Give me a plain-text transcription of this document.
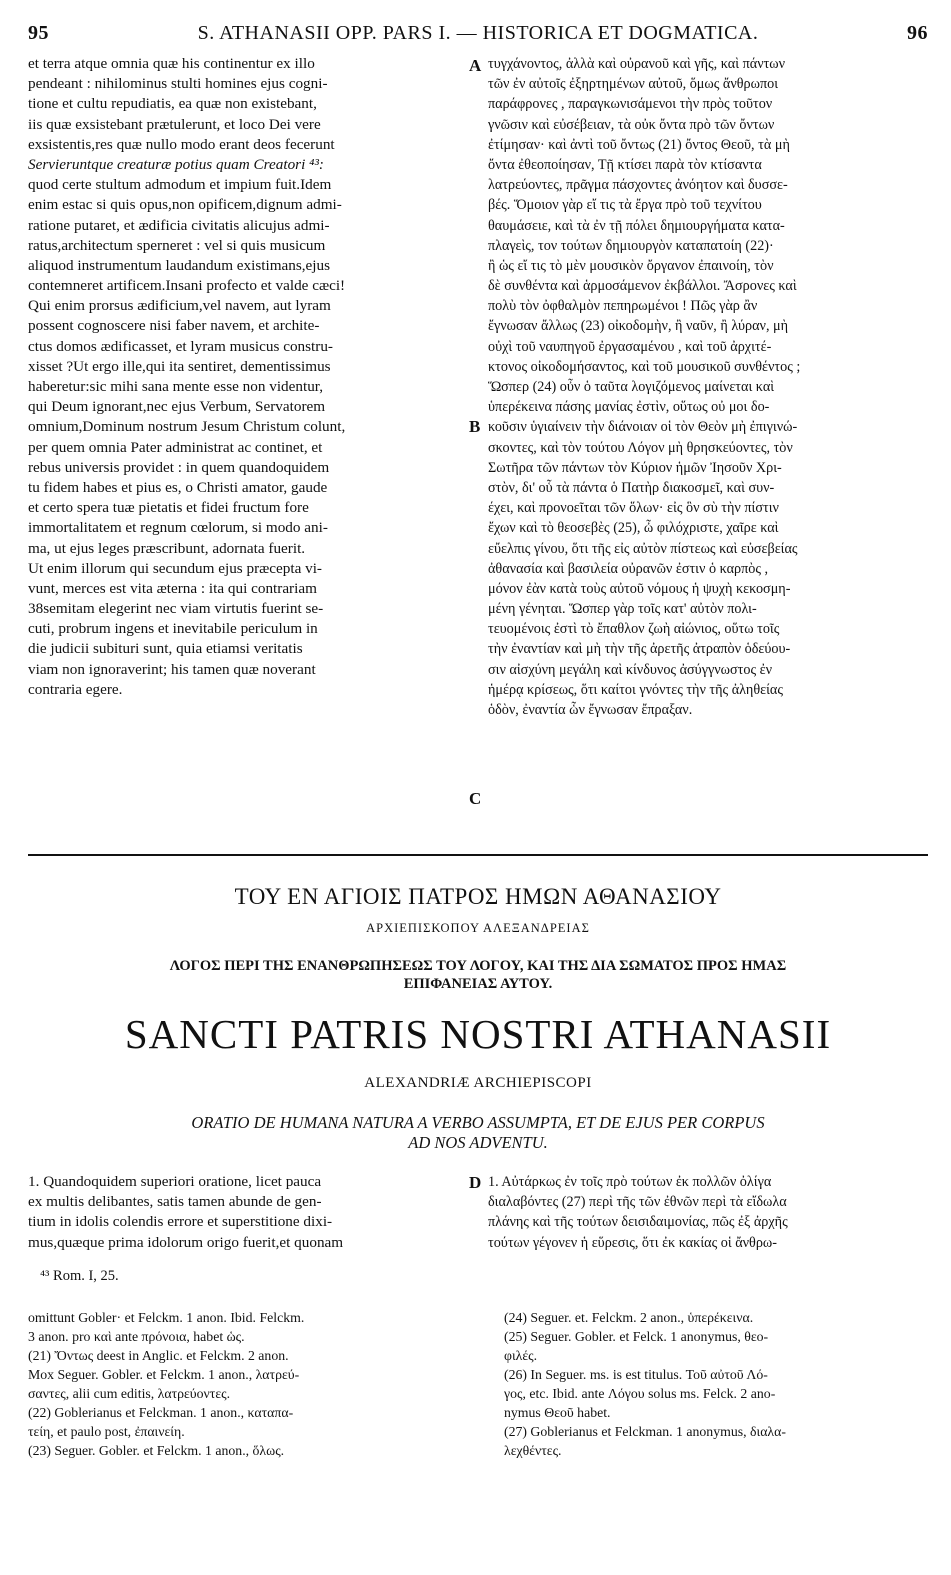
95	S. ATHANASII OPP. PARS I. — HISTORICA ET DOGMATICA.	96
et terra atque omnia quæ his continentur ex illo
pendeant : nihilominus stulti homines ejus cogni-
tione et cultu repudiatis, ea quæ non existebant,
iis quæ exsistebant prætulerunt, et loco Dei vere
exsistentis,res quæ nullo modo erant deos fecerunt
Servieruntque creaturæ potius quam Creatori ⁴³:
quod certe stultum admodum et impium fuit.Idem
enim estac si quis opus,non opificem,dignum admi-
ratione putaret, et ædificia civitatis alicujus admi-
ratus,architectum sperneret : vel si quis musicum
aliquod instrumentum laudandum existimans,ejus
contemneret artificem.Insani profecto et valde cæci!
Qui enim prorsus ædificium,vel navem, aut lyram
possent cognoscere nisi faber navem, et archite-
ctus domos ædificasset, et lyram musicus constru-
xisset ?Ut ergo ille,qui ita sentiret, dementissimus
haberetur:sic mihi sana mente esse non videntur,
qui Deum ignorant,nec ejus Verbum, Servatorem
omnium,Dominum nostrum Jesum Christum colunt,
per quem omnia Pater administrat ac continet, et
rebus universis providet : in quem quandoquidem
tu fidem habes et pius es, o Christi amator, gaude
et certo spera tuæ pietatis et fidei fructum fore
immortalitatem et regnum cœlorum, si modo ani-
ma, ut ejus leges præscribunt, adornata fuerit.
Ut enim illorum qui secundum ejus præcepta vi-
vunt, merces est vita æterna : ita qui contrariam
38semitam elegerint nec viam virtutis fuerint se-
cuti, probrum ingens et inevitabile periculum in
die judicii subituri sunt, quia etiamsi veritatis
viam non ignoraverint; his tamen quæ noverant
contraria egere.
τυγχάνοντος, ἀλλὰ καὶ οὐρανοῦ καὶ γῆς, καὶ πάντων
τῶν ἐν αὐτοῖς ἐξηρτημένων αὐτοῦ, ὅμως ἄνθρωποι
παράφρονες , παραγκωνισάμενοι τὴν πρὸς τοῦτον
γνῶσιν καὶ εὐσέβειαν, τὰ οὐκ ὄντα πρὸ τῶν ὄντων
ἐτίμησαν· καὶ ἀντὶ τοῦ ὄντως (21) ὄντος Θεοῦ, τὰ μὴ
ὄντα ἐθεοποίησαν, Τῇ κτίσει παρὰ τὸν κτίσαντα
λατρεύοντες, πρᾶγμα πάσχοντες ἀνόητον καὶ δυσσε-
βές. Ὅμοιον γὰρ εἴ τις τὰ ἔργα πρὸ τοῦ τεχνίτου
θαυμάσειε, καὶ τὰ ἐν τῇ πόλει δημιουργήματα κατα-
πλαγεὶς, τον τούτων δημιουργὸν καταπατοίη (22)·
ἢ ὡς εἴ τις τὸ μὲν μουσικὸν ὄργανον ἐπαινοίη, τὸν
δὲ συνθέντα καὶ ἁρμοσάμενον ἐκβάλλοι. Ἄσρονες καὶ
πολὺ τὸν ὀφθαλμὸν πεπηρωμένοι ! Πῶς γὰρ ἂν
ἔγνωσαν ἄλλως (23) οἰκοδομὴν, ἢ ναῦν, ἢ λύραν, μὴ
οὐχὶ τοῦ ναυπηγοῦ ἐργασαμένου , καὶ τοῦ ἀρχιτέ-
κτονος οἰκοδομήσαντος, καὶ τοῦ μουσικοῦ συνθέντος ;
Ὥσπερ (24) οὖν ὁ ταῦτα λογιζόμενος μαίνεται καὶ
ὑπερέκεινα πάσης μανίας ἐστὶν, οὕτως οὐ μοι δο-
κοῦσιν ὑγιαίνειν τὴν διάνοιαν οἱ τὸν Θεὸν μὴ ἐπιγινώ-
σκοντες, καὶ τὸν τούτου Λόγον μὴ θρησκεύοντες, τὸν
Σωτῆρα τῶν πάντων τὸν Κύριον ἡμῶν Ἰησοῦν Χρι-
στὸν, δι' οὗ τὰ πάντα ὁ Πατὴρ διακοσμεῖ, καὶ συν-
έχει, καὶ προνοεῖται τῶν ὅλων· εἰς ὃν σὺ τὴν πίστιν
ἔχων καὶ τὸ θεοσεβὲς (25), ὦ φιλόχριστε, χαῖρε καὶ
εὔελπις γίνου, ὅτι τῆς εἰς αὐτὸν πίστεως καὶ εὐσεβείας
ἀθανασία καὶ βασιλεία οὐρανῶν ἐστιν ὁ καρπὸς ,
μόνον ἐὰν κατὰ τοὺς αὐτοῦ νόμους ἡ ψυχὴ κεκοσμη-
μένη γένηται. Ὥσπερ γὰρ τοῖς κατ' αὐτὸν πολι-
τευομένοις ἐστὶ τὸ ἔπαθλον ζωὴ αἰώνιος, οὕτω τοῖς
τὴν ἐναντίαν καὶ μὴ τὴν τῆς ἀρετῆς ἀτραπὸν ὁδεύου-
σιν αἰσχύνη μεγάλη καὶ κίνδυνος ἀσύγγνωστος ἐν
ἡμέρᾳ κρίσεως, ὅτι καίτοι γνόντες τὴν τῆς ἀληθείας
ὁδὸν, ἐναντία ὧν ἔγνωσαν ἔπραξαν.
A
B
C
D
ΤΟΥ ΕΝ ΑΓΙΟΙΣ ΠΑΤΡΟΣ ΗΜΩΝ ΑΘΑΝΑΣΙΟΥ
ΑΡΧΙΕΠΙΣΚΟΠΟΥ ΑΛΕΞΑΝΔΡΕΙΑΣ
ΛΟΓΟΣ ΠΕΡΙ ΤΗΣ ΕΝΑΝΘΡΩΠΗΣΕΩΣ ΤΟΥ ΛΟΓΟΥ, ΚΑΙ ΤΗΣ ΔΙΑ ΣΩΜΑΤΟΣ ΠΡΟΣ ΗΜΑΣ
ΕΠΙΦΑΝΕΙΑΣ ΑΥΤΟΥ.
SANCTI PATRIS NOSTRI ATHANASII
ALEXANDRIÆ ARCHIEPISCOPI
ORATIO DE HUMANA NATURA A VERBO ASSUMPTA, ET DE EJUS PER CORPUS
AD NOS ADVENTU.
1. Quandoquidem superiori oratione, licet pauca
ex multis delibantes, satis tamen abunde de gen-
tium in idolis colendis errore et superstitione dixi-
mus,quæque prima idolorum origo fuerit,et quonam
1. Αὐτάρκως ἐν τοῖς πρὸ τούτων ἐκ πολλῶν ὀλίγα
διαλαβόντες (27) περὶ τῆς τῶν ἐθνῶν περὶ τὰ εἴδωλα
πλάνης καὶ τῆς τούτων δεισιδαιμονίας, πῶς ἐξ ἀρχῆς
τούτων γέγονεν ἡ εὕρεσις, ὅτι ἐκ κακίας οἱ ἄνθρω-
⁴³ Rom. I, 25.
omittunt Gobler· et Felckm. 1 anon. Ibid. Felckm.
3 anon. pro καὶ ante πρόνοια, habet ὡς.
(21) Ὄντως deest in Anglic. et Felckm. 2 anon.
Mox Seguer. Gobler. et Felckm. 1 anon., λατρεύ-
σαντες, alii cum editis, λατρεύοντες.
(22) Goblerianus et Felckman. 1 anon., καταπα-
τείη, et paulo post, ἐπαινείη.
(23) Seguer. Gobler. et Felckm. 1 anon., ὅλως.
(24) Seguer. et. Felckm. 2 anon., ὑπερέκεινα.
(25) Seguer. Gobler. et Felck. 1 anonymus, θεο-
φιλές.
(26) In Seguer. ms. is est titulus. Τοῦ αὐτοῦ Λό-
γος, etc. Ibid. ante Λόγου solus ms. Felck. 2 ano-
nymus Θεοῦ habet.
(27) Goblerianus et Felckman. 1 anonymus, διαλα-
λεχθέντες.
